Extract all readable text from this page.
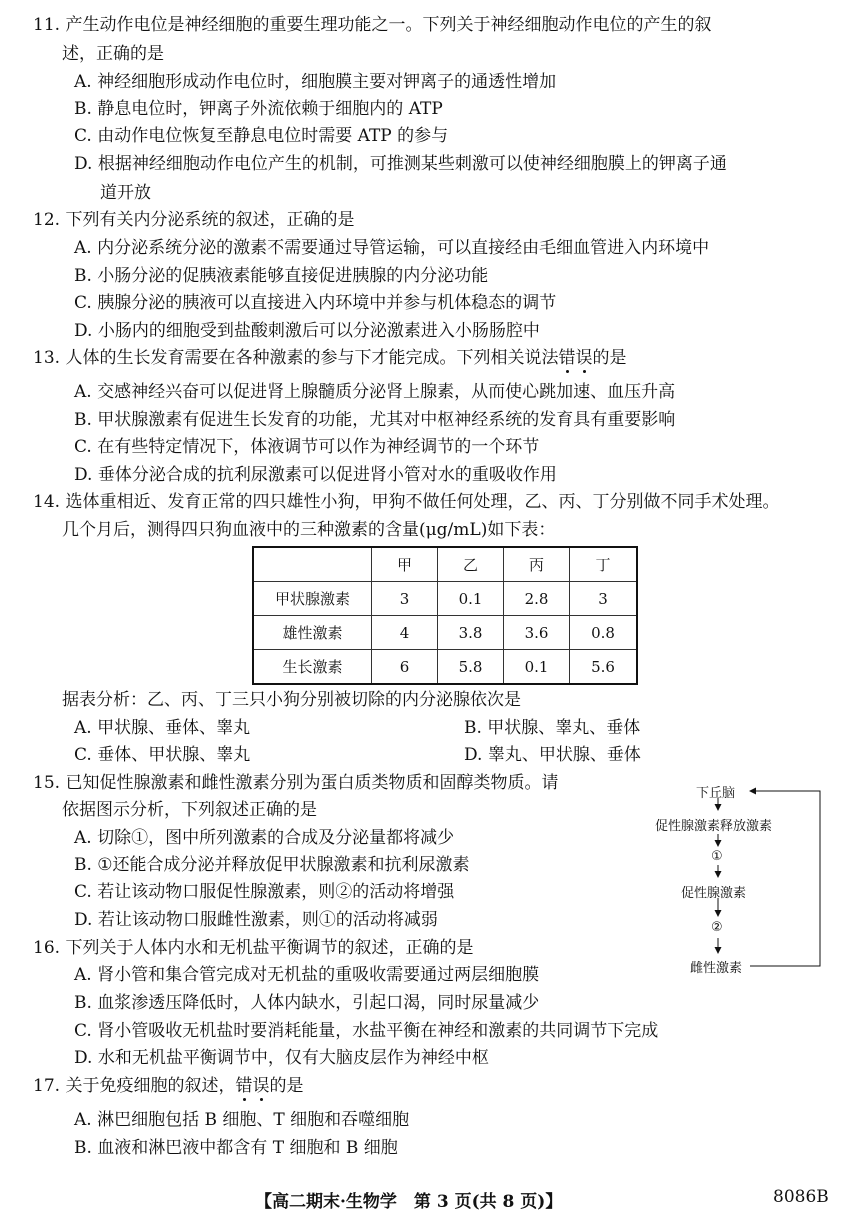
11. 产生动作电位是神经细胞的重要生理功能之一。下列关于神经细胞动作电位的产生的叙
述，正确的是
A. 神经细胞形成动作电位时，细胞膜主要对钾离子的通透性增加
B. 静息电位时，钾离子外流依赖于细胞内的 ATP
C. 由动作电位恢复至静息电位时需要 ATP 的参与
D. 根据神经细胞动作电位产生的机制，可推测某些刺激可以使神经细胞膜上的钾离子通
道开放
12. 下列有关内分泌系统的叙述，正确的是
A. 内分泌系统分泌的激素不需要通过导管运输，可以直接经由毛细血管进入内环境中
B. 小肠分泌的促胰液素能够直接促进胰腺的内分泌功能
C. 胰腺分泌的胰液可以直接进入内环境中并参与机体稳态的调节
D. 小肠内的细胞受到盐酸刺激后可以分泌激素进入小肠肠腔中
13. 人体的生长发育需要在各种激素的参与下才能完成。下列相关说法错误的是
A. 交感神经兴奋可以促进肾上腺髓质分泌肾上腺素，从而使心跳加速、血压升高
B. 甲状腺激素有促进生长发育的功能，尤其对中枢神经系统的发育具有重要影响
C. 在有些特定情况下，体液调节可以作为神经调节的一个环节
D. 垂体分泌合成的抗利尿激素可以促进肾小管对水的重吸收作用
14. 选体重相近、发育正常的四只雄性小狗，甲狗不做任何处理，乙、丙、丁分别做不同手术处理。
几个月后，测得四只狗血液中的三种激素的含量(μg/mL)如下表：
	甲	乙	丙	丁
甲状腺激素	3	0.1	2.8	3
雄性激素	4	3.8	3.6	0.8
生长激素	6	5.8	0.1	5.6
据表分析：乙、丙、丁三只小狗分别被切除的内分泌腺依次是
A. 甲状腺、垂体、睾丸	B. 甲状腺、睾丸、垂体
C. 垂体、甲状腺、睾丸	D. 睾丸、甲状腺、垂体
15. 已知促性腺激素和雌性激素分别为蛋白质类物质和固醇类物质。请
依据图示分析，下列叙述正确的是
A. 切除①，图中所列激素的合成及分泌量都将减少
B. ①还能合成分泌并释放促甲状腺激素和抗利尿激素
C. 若让该动物口服促性腺激素，则②的活动将增强
D. 若让该动物口服雌性激素，则①的活动将减弱
下丘脑
促性腺激素释放激素
①
促性腺激素
②
雌性激素
16. 下列关于人体内水和无机盐平衡调节的叙述，正确的是
A. 肾小管和集合管完成对无机盐的重吸收需要通过两层细胞膜
B. 血浆渗透压降低时，人体内缺水，引起口渴，同时尿量减少
C. 肾小管吸收无机盐时要消耗能量，水盐平衡在神经和激素的共同调节下完成
D. 水和无机盐平衡调节中，仅有大脑皮层作为神经中枢
17. 关于免疫细胞的叙述，错误的是
A. 淋巴细胞包括 B 细胞、T 细胞和吞噬细胞
B. 血液和淋巴液中都含有 T 细胞和 B 细胞
【高二期末·生物学　第 3 页(共 8 页)】	8086B
